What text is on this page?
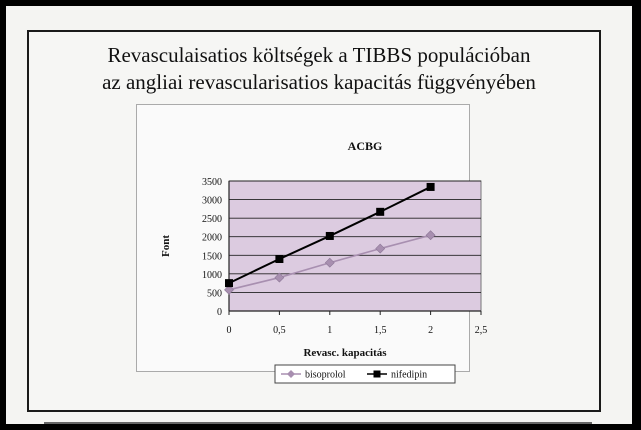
Revasculaisatios költségek a TIBBS populációban
az angliai revascularisatios kapacitás függvényében
ACBG
0
500
1000
1500
2000
2500
3000
3500
0	0,5	1	1,5	2	2,5
Revasc. kapacitás
Font
bisoprolol	nifedipin
